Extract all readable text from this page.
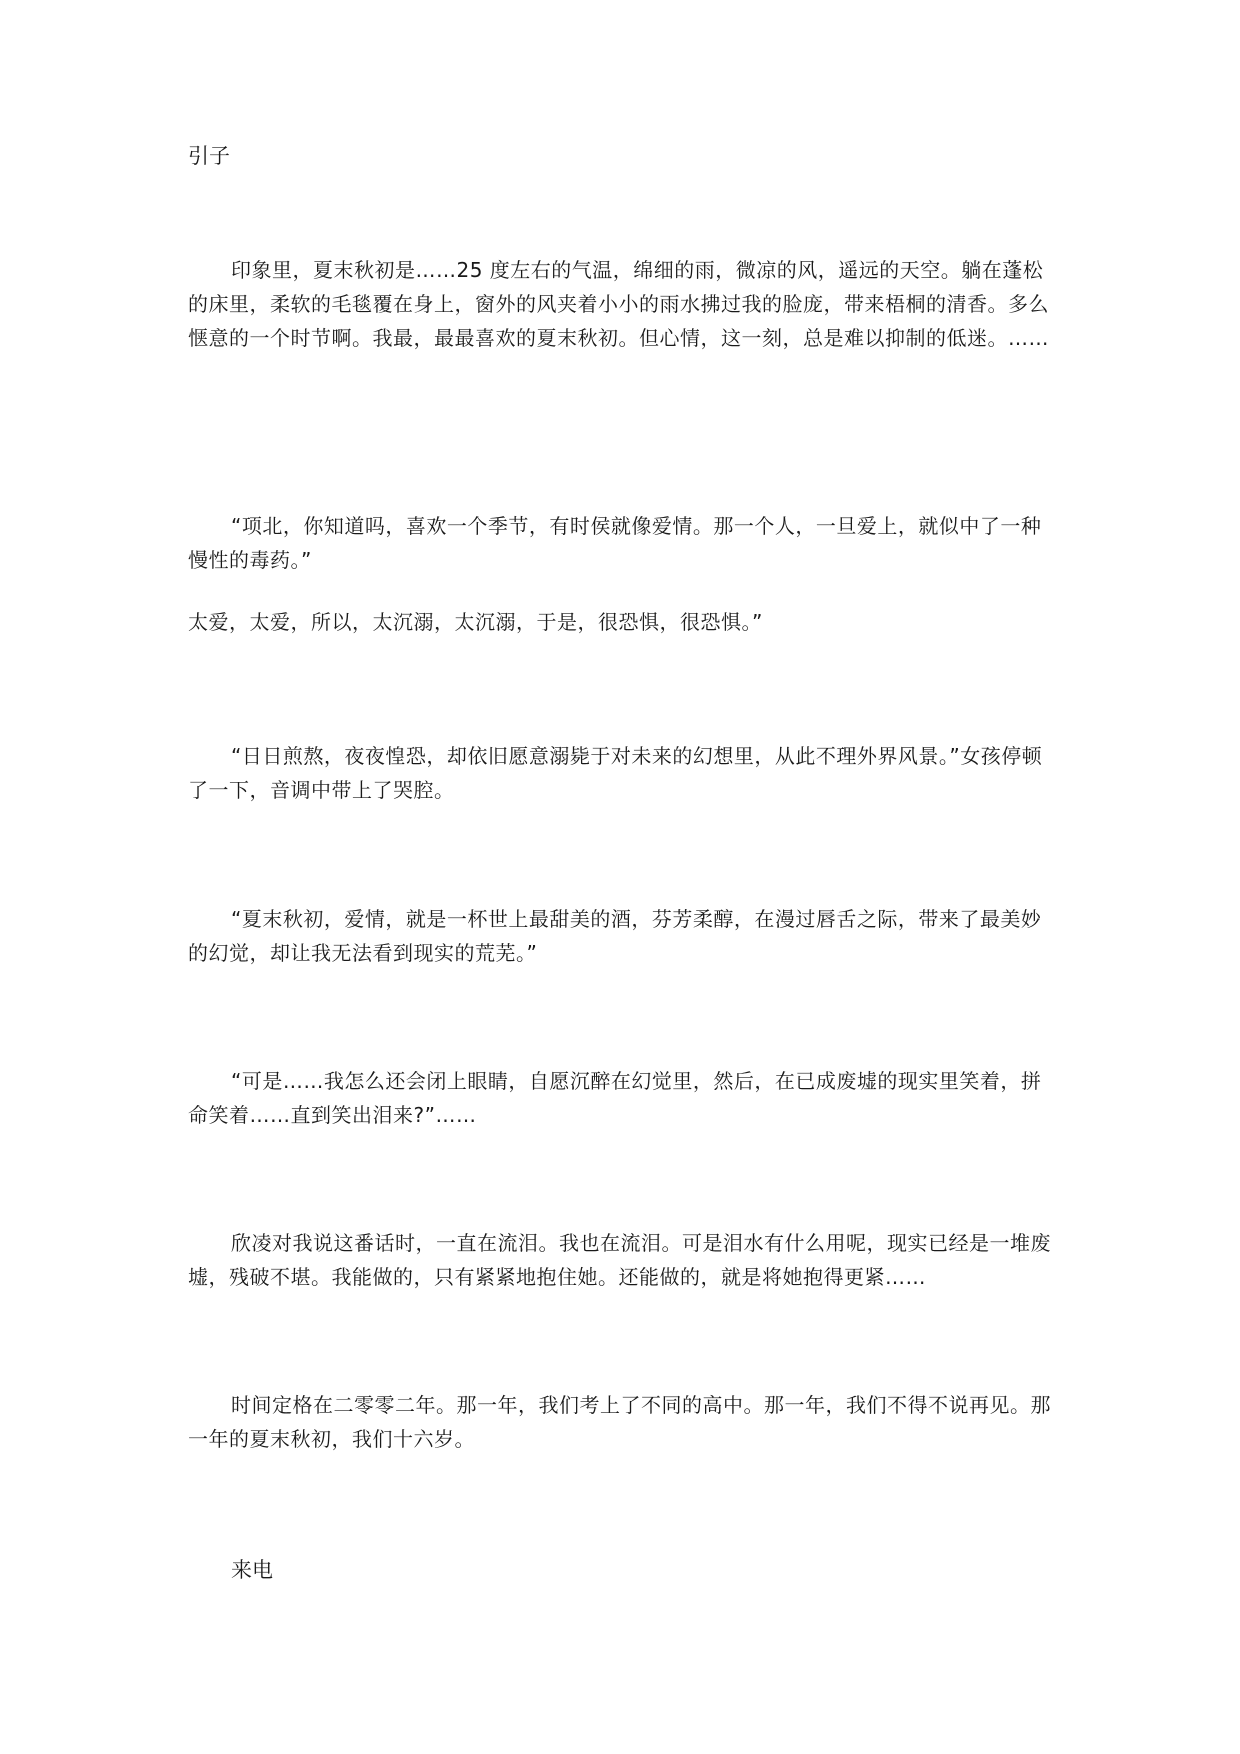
引子

印象里，夏末秋初是……25 度左右的气温，绵细的雨，微凉的风，遥远的天空。躺在蓬松的床里，柔软的毛毯覆在身上，窗外的风夹着小小的雨水拂过我的脸庞，带来梧桐的清香。多么惬意的一个时节啊。我最，最最喜欢的夏末秋初。但心情，这一刻，总是难以抑制的低迷。……

“项北，你知道吗，喜欢一个季节，有时侯就像爱情。那一个人，一旦爱上，就似中了一种慢性的毒药。”

太爱，太爱，所以，太沉溺，太沉溺，于是，很恐惧，很恐惧。”

“日日煎熬，夜夜惶恐，却依旧愿意溺毙于对未来的幻想里，从此不理外界风景。”女孩停顿了一下，音调中带上了哭腔。

“夏末秋初，爱情，就是一杯世上最甜美的酒，芬芳柔醇，在漫过唇舌之际，带来了最美妙的幻觉，却让我无法看到现实的荒芜。”

“可是……我怎么还会闭上眼睛，自愿沉醉在幻觉里，然后，在已成废墟的现实里笑着，拼命笑着……直到笑出泪来?”……

欣凌对我说这番话时，一直在流泪。我也在流泪。可是泪水有什么用呢，现实已经是一堆废墟，残破不堪。我能做的，只有紧紧地抱住她。还能做的，就是将她抱得更紧……

时间定格在二零零二年。那一年，我们考上了不同的高中。那一年，我们不得不说再见。那一年的夏末秋初，我们十六岁。

来电
